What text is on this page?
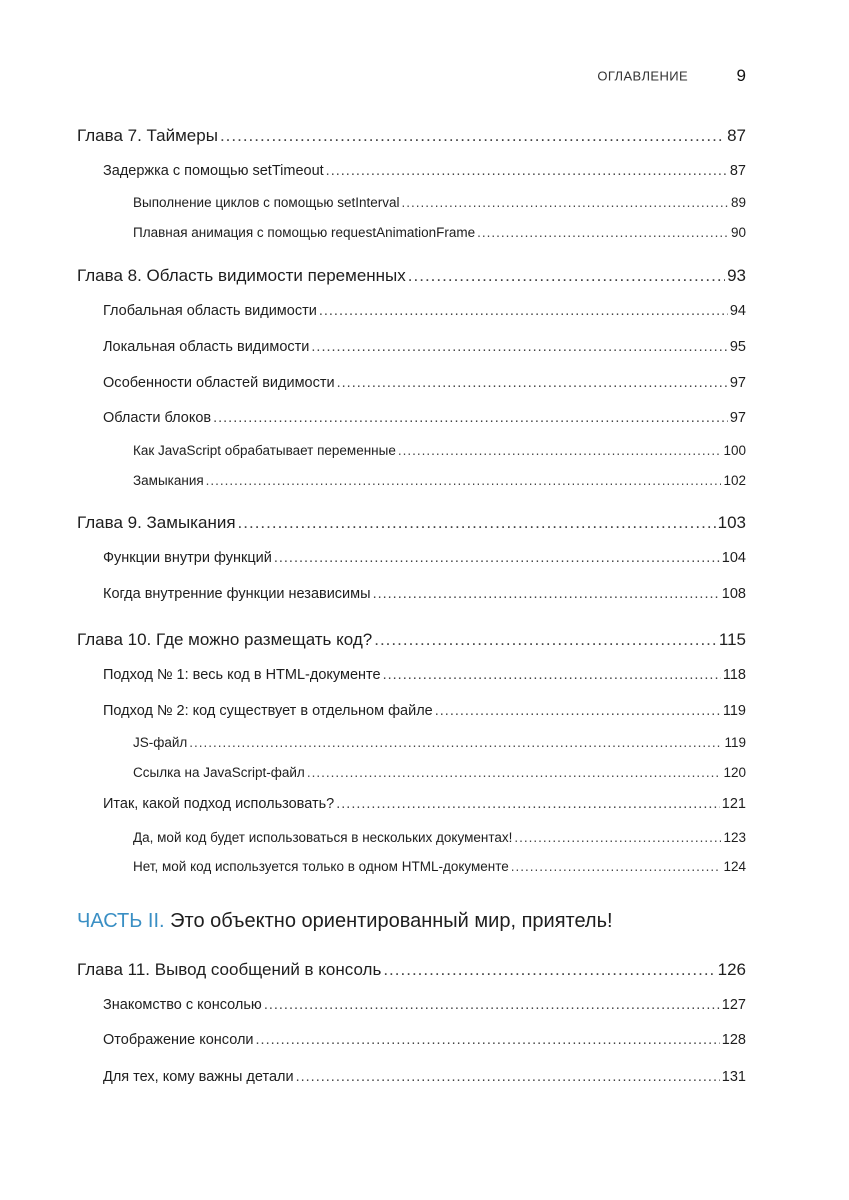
ОГЛАВЛЕНИЕ	9
Глава 7. Таймеры .....	87
Задержка с помощью setTimeout .....	87
Выполнение циклов с помощью setInterval .....	89
Плавная анимация с помощью requestAnimationFrame .....	90
Глава 8. Область видимости переменных .....	93
Глобальная область видимости .....	94
Локальная область видимости .....	95
Особенности областей видимости .....	97
Области блоков .....	97
Как JavaScript обрабатывает переменные .....	100
Замыкания .....	102
Глава 9. Замыкания .....	103
Функции внутри функций .....	104
Когда внутренние функции независимы .....	108
Глава 10. Где можно размещать код? .....	115
Подход № 1: весь код в HTML-документе .....	118
Подход № 2: код существует в отдельном файле .....	119
JS-файл .....	119
Ссылка на JavaScript-файл .....	120
Итак, какой подход использовать? .....	121
Да, мой код будет использоваться в нескольких документах! .....	123
Нет, мой код используется только в одном HTML-документе .....	124
ЧАСТЬ II. Это объектно ориентированный мир, приятель!
Глава 11. Вывод сообщений в консоль .....	126
Знакомство с консолью .....	127
Отображение консоли .....	128
Для тех, кому важны детали .....	131
